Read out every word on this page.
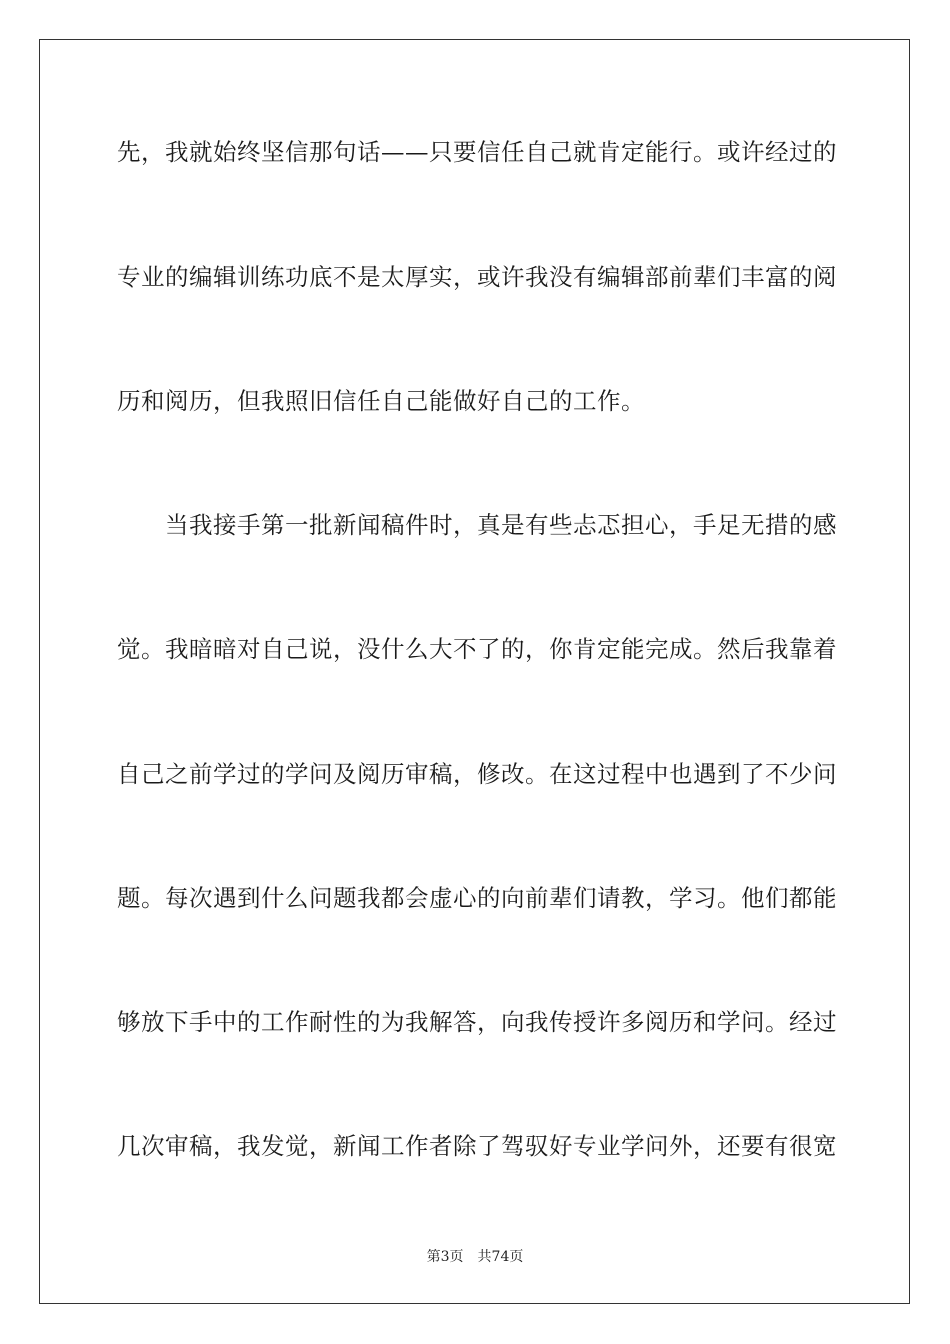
先，我就始终坚信那句话——只要信任自己就肯定能行。或许经过的
专业的编辑训练功底不是太厚实，或许我没有编辑部前辈们丰富的阅
历和阅历，但我照旧信任自己能做好自己的工作。
当我接手第一批新闻稿件时，真是有些忐忑担心，手足无措的感
觉。我暗暗对自己说，没什么大不了的，你肯定能完成。然后我靠着
自己之前学过的学问及阅历审稿，修改。在这过程中也遇到了不少问
题。每次遇到什么问题我都会虚心的向前辈们请教，学习。他们都能
够放下手中的工作耐性的为我解答，向我传授许多阅历和学问。经过
几次审稿，我发觉，新闻工作者除了驾驭好专业学问外，还要有很宽
第3页 共74页
